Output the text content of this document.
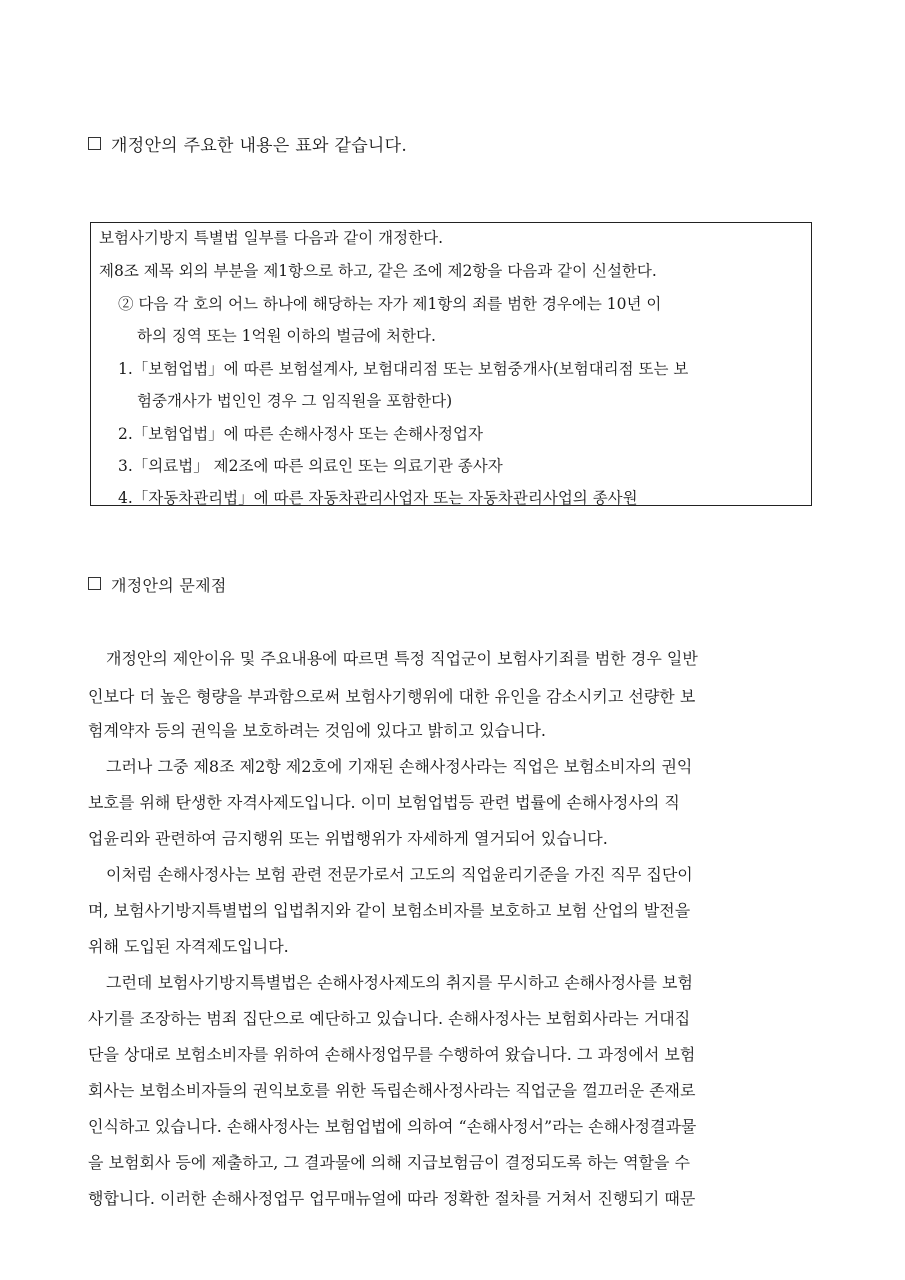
개정안의 주요한 내용은 표와 같습니다.
보험사기방지 특별법 일부를 다음과 같이 개정한다.
제8조 제목 외의 부분을 제1항으로 하고, 같은 조에 제2항을 다음과 같이 신설한다.
② 다음 각 호의 어느 하나에 해당하는 자가 제1항의 죄를 범한 경우에는 10년 이
하의 징역 또는 1억원 이하의 벌금에 처한다.
1.「보험업법」에 따른 보험설계사, 보험대리점 또는 보험중개사(보험대리점 또는 보
험중개사가 법인인 경우 그 임직원을 포함한다)
2.「보험업법」에 따른 손해사정사 또는 손해사정업자
3.「의료법」 제2조에 따른 의료인 또는 의료기관 종사자
4.「자동차관리법」에 따른 자동차관리사업자 또는 자동차관리사업의 종사원
개정안의 문제점
개정안의 제안이유 및 주요내용에 따르면 특정 직업군이 보험사기죄를 범한 경우 일반
인보다 더 높은 형량을 부과함으로써 보험사기행위에 대한 유인을 감소시키고 선량한 보
험계약자 등의 권익을 보호하려는 것임에 있다고 밝히고 있습니다.
그러나 그중 제8조 제2항 제2호에 기재된 손해사정사라는 직업은 보험소비자의 권익
보호를 위해 탄생한 자격사제도입니다. 이미 보험업법등 관련 법률에 손해사정사의 직
업윤리와 관련하여 금지행위 또는 위법행위가 자세하게 열거되어 있습니다.
이처럼 손해사정사는 보험 관련 전문가로서 고도의 직업윤리기준을 가진 직무 집단이
며, 보험사기방지특별법의 입법취지와 같이 보험소비자를 보호하고 보험 산업의 발전을
위해 도입된 자격제도입니다.
그런데 보험사기방지특별법은 손해사정사제도의 취지를 무시하고 손해사정사를 보험
사기를 조장하는 범죄 집단으로 예단하고 있습니다. 손해사정사는 보험회사라는 거대집
단을 상대로 보험소비자를 위하여 손해사정업무를 수행하여 왔습니다. 그 과정에서 보험
회사는 보험소비자들의 권익보호를 위한 독립손해사정사라는 직업군을 껄끄러운 존재로
인식하고 있습니다. 손해사정사는 보험업법에 의하여 “손해사정서”라는 손해사정결과물
을 보험회사 등에 제출하고, 그 결과물에 의해 지급보험금이 결정되도록 하는 역할을 수
행합니다. 이러한 손해사정업무 업무매뉴얼에 따라 정확한 절차를 거쳐서 진행되기 때문
